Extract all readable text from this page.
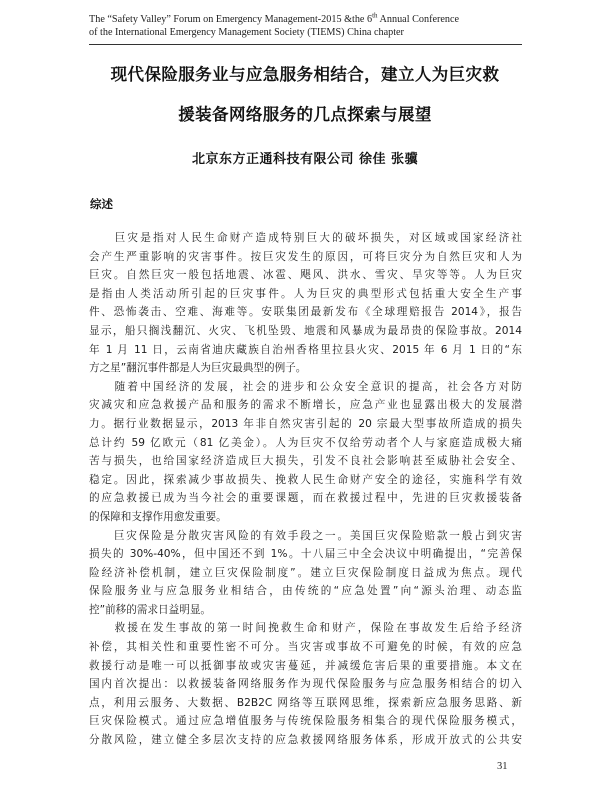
The “Safety Valley” Forum on Emergency Management-2015 &the 6th Annual Conference
of the International Emergency Management Society (TIEMS) China chapter
现代保险服务业与应急服务相结合，建立人为巨灾救
援装备网络服务的几点探索与展望
北京东方正通科技有限公司 徐佳 张骥
综述
　　巨灾是指对人民生命财产造成特别巨大的破坏损失，对区域或国家经济社
会产生严重影响的灾害事件。按巨灾发生的原因，可将巨灾分为自然巨灾和人为
巨灾。自然巨灾一般包括地震、冰雹、飓风、洪水、雪灾、旱灾等等。人为巨灾
是指由人类活动所引起的巨灾事件。人为巨灾的典型形式包括重大安全生产事
件、恐怖袭击、空难、海难等。安联集团最新发布《全球理赔报告 2014》，报告
显示，船只搁浅翻沉、火灾、飞机坠毁、地震和风暴成为最昂贵的保险事故。2014
年 1 月 11 日，云南省迪庆藏族自治州香格里拉县火灾、2015 年 6 月 1 日的“东
方之星”翻沉事件都是人为巨灾最典型的例子。
　　随着中国经济的发展，社会的进步和公众安全意识的提高，社会各方对防
灾减灾和应急救援产品和服务的需求不断增长，应急产业也显露出极大的发展潜
力。据行业数据显示，2013 年非自然灾害引起的 20 宗最大型事故所造成的损失
总计约 59 亿欧元（81 亿美金）。人为巨灾不仅给劳动者个人与家庭造成极大痛
苦与损失，也给国家经济造成巨大损失，引发不良社会影响甚至威胁社会安全、
稳定。因此，探索减少事故损失、挽救人民生命财产安全的途径，实施科学有效
的应急救援已成为当今社会的重要课题，而在救援过程中，先进的巨灾救援装备
的保障和支撑作用愈发重要。
　　巨灾保险是分散灾害风险的有效手段之一。美国巨灾保险赔款一般占到灾害
损失的 30%-40%，但中国还不到 1%。十八届三中全会决议中明确提出，“完善保
险经济补偿机制，建立巨灾保险制度”。建立巨灾保险制度日益成为焦点。现代
保险服务业与应急服务业相结合，由传统的“应急处置”向“源头治理、动态监
控”前移的需求日益明显。
　　救援在发生事故的第一时间挽救生命和财产，保险在事故发生后给予经济
补偿，其相关性和重要性密不可分。当灾害或事故不可避免的时候，有效的应急
救援行动是唯一可以抵御事故或灾害蔓延，并减缓危害后果的重要措施。本文在
国内首次提出：以救援装备网络服务作为现代保险服务与应急服务相结合的切入
点，利用云服务、大数据、B2B2C 网络等互联网思维，探索新应急服务思路、新
巨灾保险模式。通过应急增值服务与传统保险服务相集合的现代保险服务模式，
分散风险，建立健全多层次支持的应急救援网络服务体系，形成开放式的公共安
31
